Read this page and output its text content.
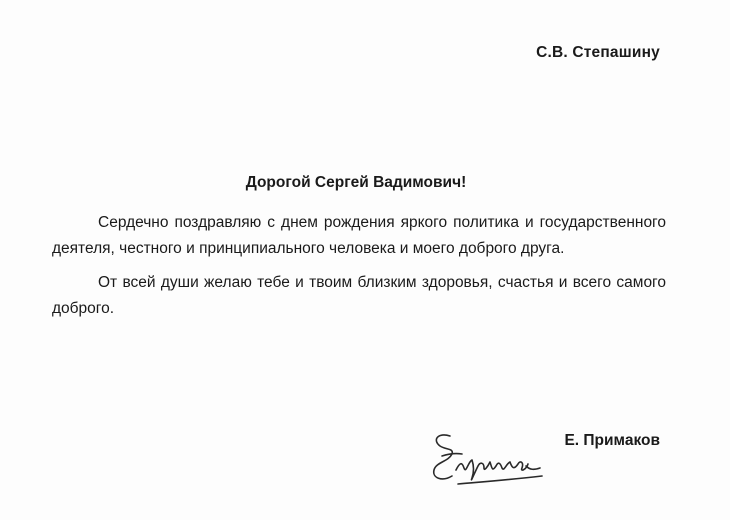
С.В. Степашину
Дорогой Сергей Вадимович!

Сердечно поздравляю с днем рождения яркого политика и государственного деятеля, честного и принципиального человека и моего доброго друга.

От всей души желаю тебе и твоим близким здоровья, счастья и всего самого доброго.

Е. Примаков
